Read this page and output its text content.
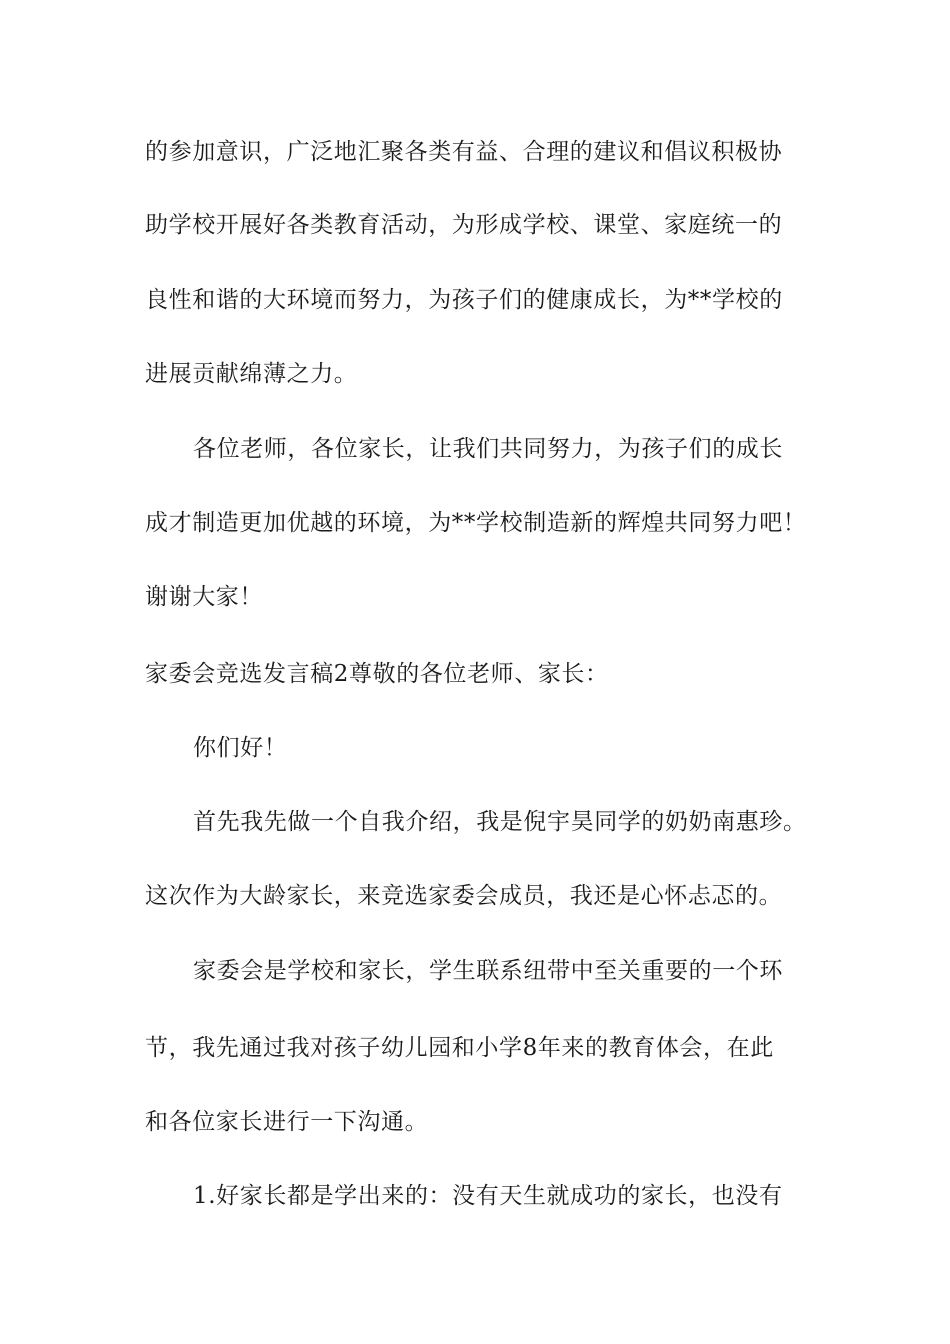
的参加意识，广泛地汇聚各类有益、合理的建议和倡议积极协
助学校开展好各类教育活动，为形成学校、课堂、家庭统一的
良性和谐的大环境而努力，为孩子们的健康成长，为**学校的
进展贡献绵薄之力。
各位老师，各位家长，让我们共同努力，为孩子们的成长
成才制造更加优越的环境，为**学校制造新的辉煌共同努力吧！
谢谢大家！
家委会竞选发言稿2尊敬的各位老师、家长：
你们好！
首先我先做一个自我介绍，我是倪宇昊同学的奶奶南惠珍。
这次作为大龄家长，来竞选家委会成员，我还是心怀忐忑的。
家委会是学校和家长，学生联系纽带中至关重要的一个环
节，我先通过我对孩子幼儿园和小学8年来的教育体会，在此
和各位家长进行一下沟通。
1.好家长都是学出来的：没有天生就成功的家长，也没有
